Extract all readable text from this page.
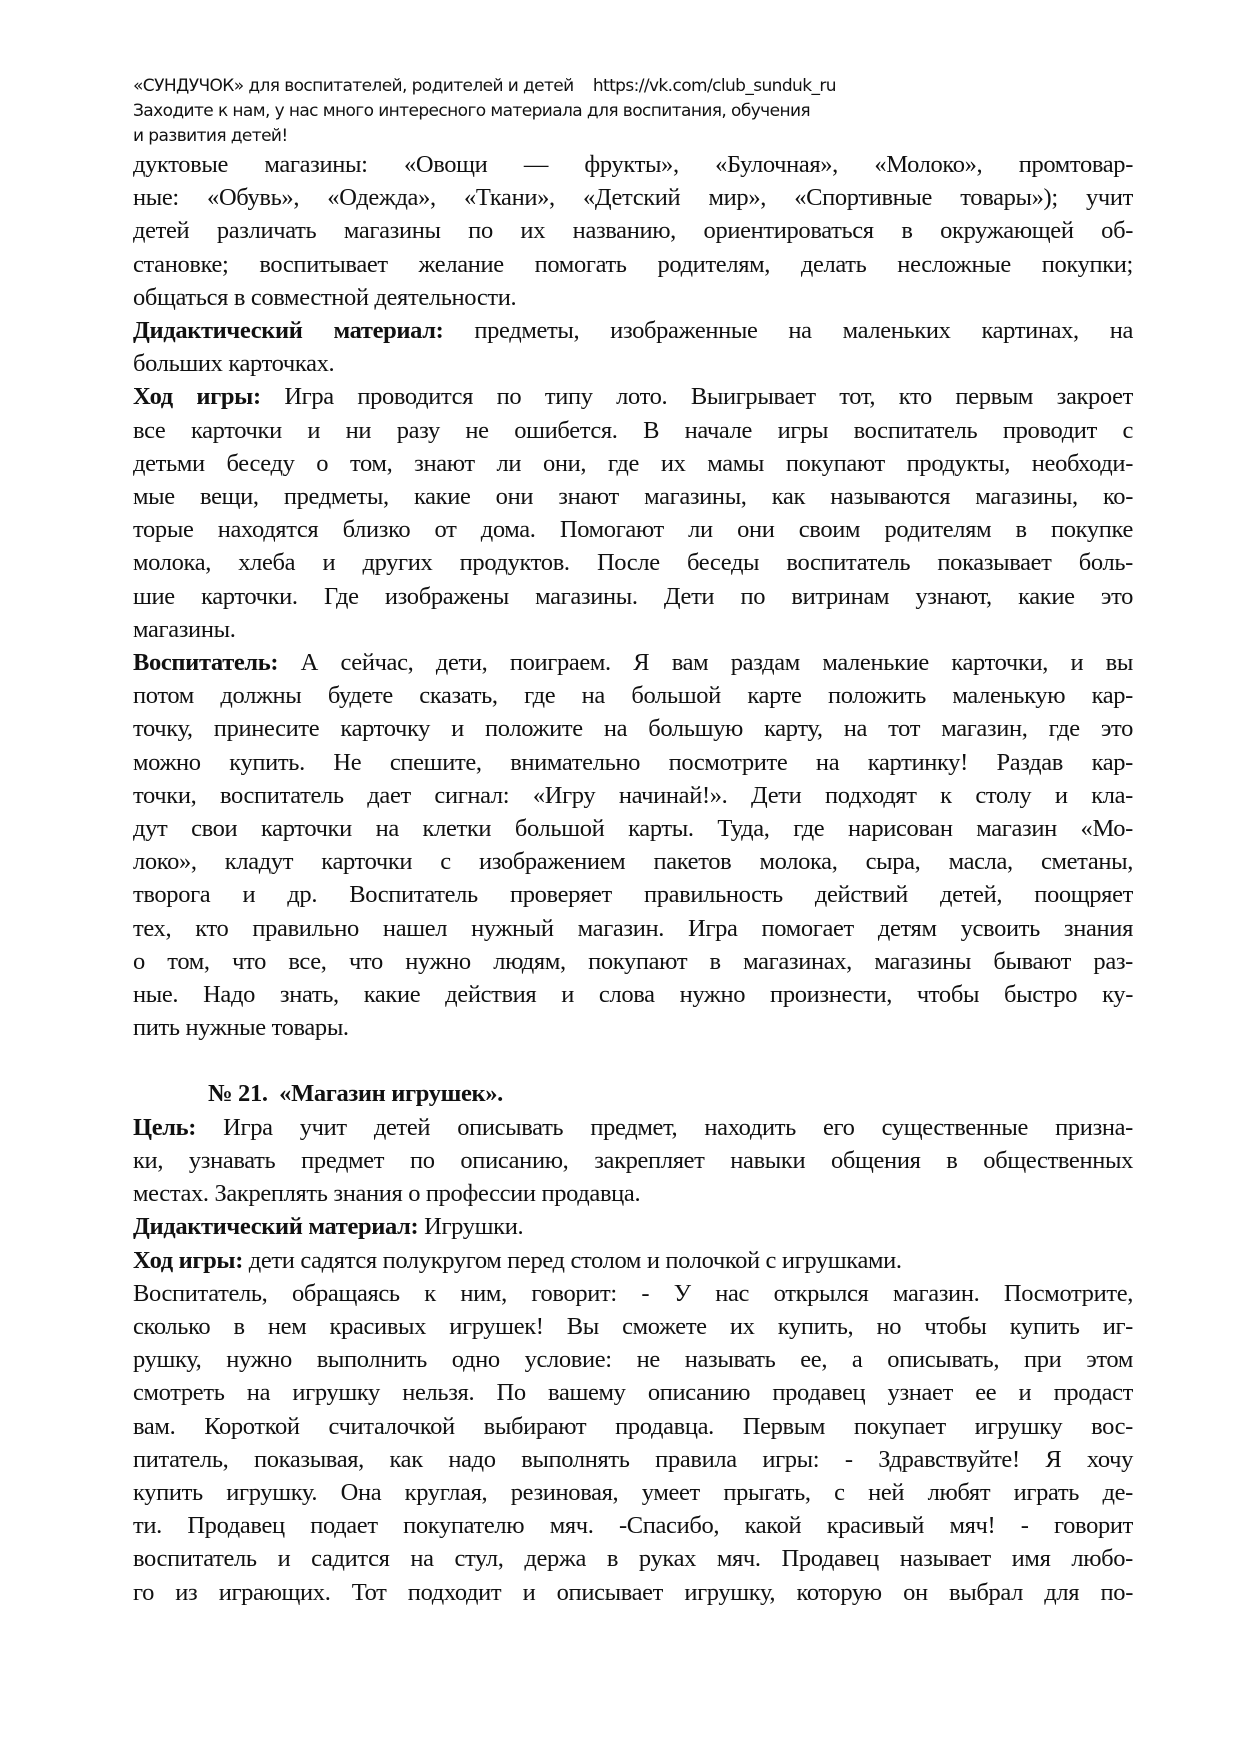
«СУНДУЧОК» для воспитателей, родителей и детей    https://vk.com/club_sunduk_ru
Заходите к нам, у нас много интересного материала для воспитания, обучения
и развития детей!
дуктовые магазины: «Овощи — фрукты», «Булочная», «Молоко», промтовар-
ные: «Обувь», «Одежда», «Ткани», «Детский мир», «Спортивные товары»); учит
детей различать магазины по их названию, ориентироваться в окружающей об-
становке; воспитывает желание помогать родителям, делать несложные покупки;
общаться в совместной деятельности.
Дидактический материал: предметы, изображенные на маленьких картинах, на
больших карточках.
Ход игры: Игра проводится по типу лото. Выигрывает тот, кто первым закроет
все карточки и ни разу не ошибется. В начале игры воспитатель проводит с
детьми беседу о том, знают ли они, где их мамы покупают продукты, необходи-
мые вещи, предметы, какие они знают магазины, как называются магазины, ко-
торые находятся близко от дома. Помогают ли они своим родителям в покупке
молока, хлеба и других продуктов. После беседы воспитатель показывает боль-
шие карточки. Где изображены магазины. Дети по витринам узнают, какие это
магазины.
Воспитатель: А сейчас, дети, поиграем. Я вам раздам маленькие карточки, и вы
потом должны будете сказать, где на большой карте положить маленькую кар-
точку, принесите карточку и положите на большую карту, на тот магазин, где это
можно купить. Не спешите, внимательно посмотрите на картинку! Раздав кар-
точки, воспитатель дает сигнал: «Игру начинай!». Дети подходят к столу и кла-
дут свои карточки на клетки большой карты. Туда, где нарисован магазин «Мо-
локо», кладут карточки с изображением пакетов молока, сыра, масла, сметаны,
творога и др. Воспитатель проверяет правильность действий детей, поощряет
тех, кто правильно нашел нужный магазин. Игра помогает детям усвоить знания
о том, что все, что нужно людям, покупают в магазинах, магазины бывают раз-
ные. Надо знать, какие действия и слова нужно произнести, чтобы быстро ку-
пить нужные товары.
№ 21.  «Магазин игрушек».
Цель: Игра учит детей описывать предмет, находить его существенные призна-
ки, узнавать предмет по описанию, закрепляет навыки общения в общественных
местах. Закреплять знания о профессии продавца.
Дидактический материал: Игрушки.
Ход игры: дети садятся полукругом перед столом и полочкой с игрушками.
Воспитатель, обращаясь к ним, говорит: - У нас открылся магазин. Посмотрите,
сколько в нем красивых игрушек! Вы сможете их купить, но чтобы купить иг-
рушку, нужно выполнить одно условие: не называть ее, а описывать, при этом
смотреть на игрушку нельзя. По вашему описанию продавец узнает ее и продаст
вам. Короткой считалочкой выбирают продавца. Первым покупает игрушку вос-
питатель, показывая, как надо выполнять правила игры: - Здравствуйте! Я хочу
купить игрушку. Она круглая, резиновая, умеет прыгать, с ней любят играть де-
ти. Продавец подает покупателю мяч. -Спасибо, какой красивый мяч! - говорит
воспитатель и садится на стул, держа в руках мяч. Продавец называет имя любо-
го из играющих. Тот подходит и описывает игрушку, которую он выбрал для по-
